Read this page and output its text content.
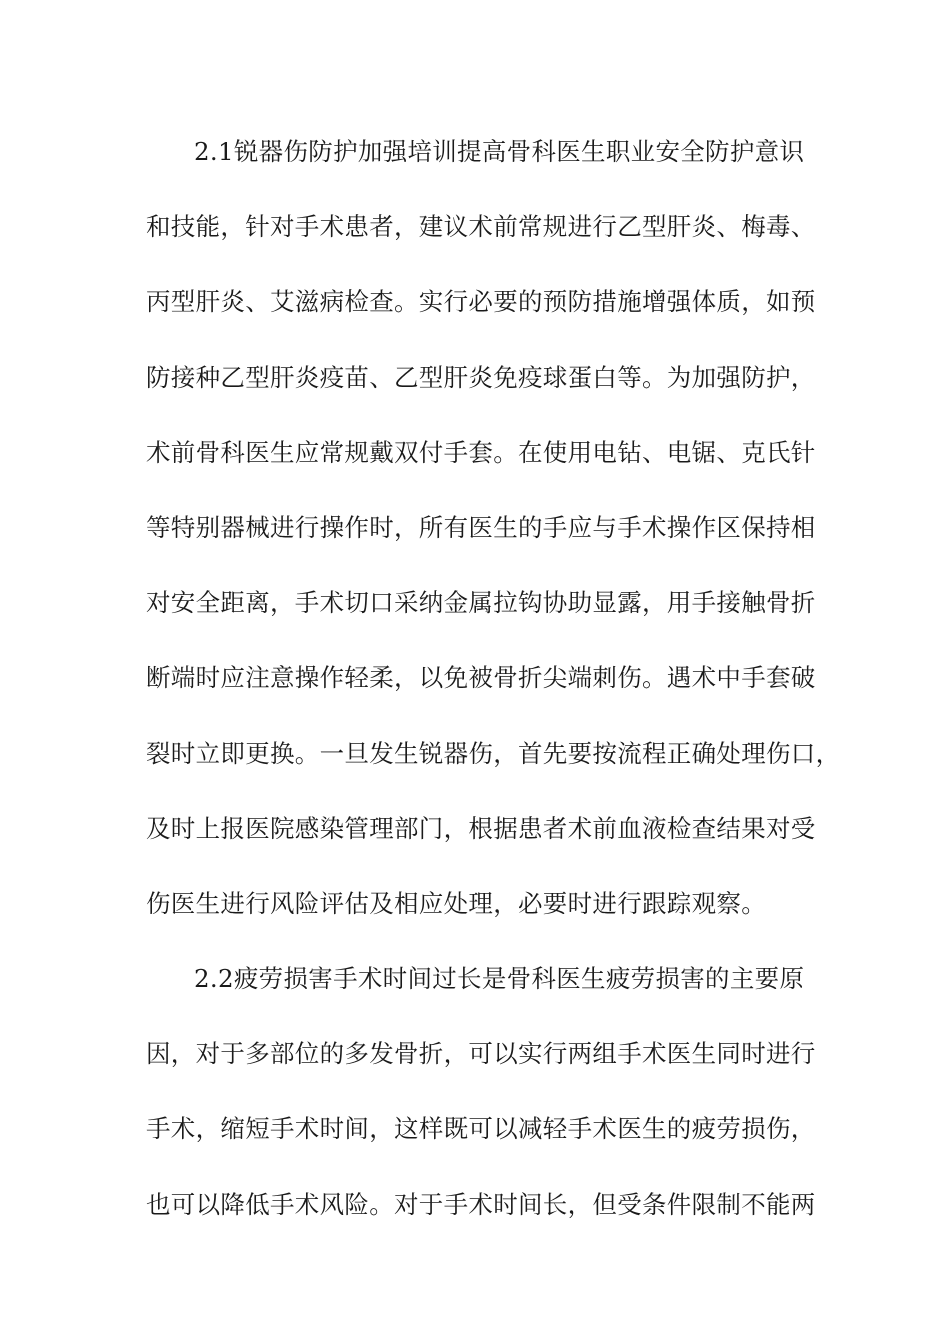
2.1锐器伤防护加强培训提高骨科医生职业安全防护意识
和技能，针对手术患者，建议术前常规进行乙型肝炎、梅毒、
丙型肝炎、艾滋病检查。实行必要的预防措施增强体质，如预
防接种乙型肝炎疫苗、乙型肝炎免疫球蛋白等。为加强防护，
术前骨科医生应常规戴双付手套。在使用电钻、电锯、克氏针
等特别器械进行操作时，所有医生的手应与手术操作区保持相
对安全距离，手术切口采纳金属拉钩协助显露，用手接触骨折
断端时应注意操作轻柔，以免被骨折尖端刺伤。遇术中手套破
裂时立即更换。一旦发生锐器伤，首先要按流程正确处理伤口，
及时上报医院感染管理部门，根据患者术前血液检查结果对受
伤医生进行风险评估及相应处理，必要时进行跟踪观察。
2.2疲劳损害手术时间过长是骨科医生疲劳损害的主要原
因，对于多部位的多发骨折，可以实行两组手术医生同时进行
手术，缩短手术时间，这样既可以减轻手术医生的疲劳损伤，
也可以降低手术风险。对于手术时间长，但受条件限制不能两
